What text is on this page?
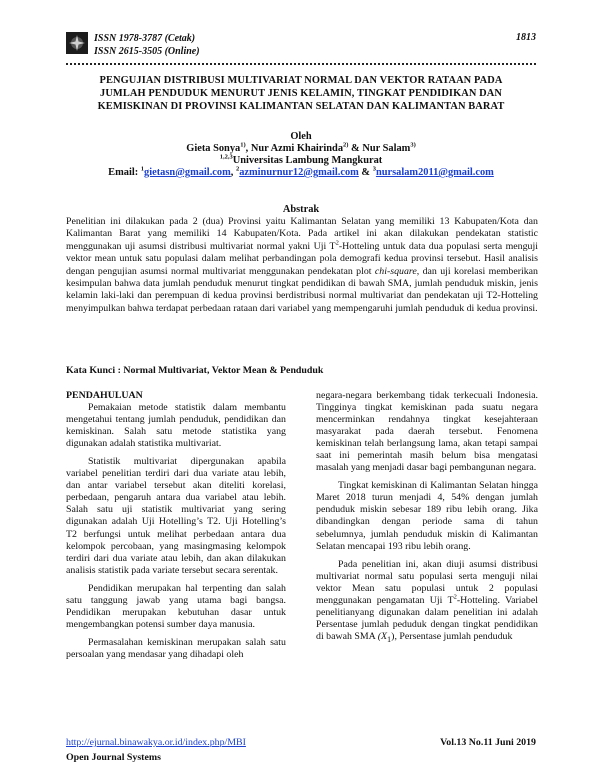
ISSN 1978-3787 (Cetak)
ISSN 2615-3505 (Online)
1813
PENGUJIAN DISTRIBUSI MULTIVARIAT NORMAL DAN VEKTOR RATAAN PADA
JUMLAH PENDUDUK MENURUT JENIS KELAMIN, TINGKAT PENDIDIKAN DAN
KEMISKINAN DI PROVINSI KALIMANTAN SELATAN DAN KALIMANTAN BARAT
Oleh
Gieta Sonya$^{1)}$, Nur Azmi Khairinda$^{2)}$ & Nur Salam$^{3)}$
$^{1,2,3}$Universitas Lambung Mangkurat
Email: $^1$gietasn@gmail.com, $^2$azminurnur12@gmail.com & $^3$nursalam2011@gmail.com
Abstrak
Penelitian ini dilakukan pada 2 (dua) Provinsi yaitu Kalimantan Selatan yang memiliki 13 Kabupaten/Kota dan Kalimantan Barat yang memiliki 14 Kabupaten/Kota. Pada artikel ini akan dilakukan pendekatan statistic menggunakan uji asumsi distribusi multivariat normal yakni Uji $T^2$-Hotteling untuk data dua populasi serta menguji vektor mean untuk satu populasi dalam melihat perbandingan pola demografi kedua provinsi tersebut. Hasil analisis dengan pengujian asumsi normal multivariat menggunakan pendekatan plot chi-square, dan uji korelasi memberikan kesimpulan bahwa data jumlah penduduk menurut tingkat pendidikan di bawah SMA, jumlah penduduk miskin, jenis kelamin laki-laki dan perempuan di kedua provinsi berdistribusi normal multivariat dan pendekatan uji T2-Hotteling menyimpulkan bahwa terdapat perbedaan rataan dari variabel yang mempengaruhi jumlah penduduk di kedua provinsi.
Kata Kunci : Normal Multivariat, Vektor Mean & Penduduk

PENDAHULUAN

Pemakaian metode statistik dalam membantu mengetahui tentang jumlah penduduk, pendidikan dan kemiskinan. Salah satu metode statistika yang digunakan adalah statistika multivariat.

Statistik multivariat dipergunakan apabila variabel penelitian terdiri dari dua variate atau lebih, dan antar variabel tersebut akan diteliti korelasi, perbedaan, pengaruh antara dua variabel atau lebih. Salah satu uji statistik multivariat yang sering digunakan adalah Uji Hotelling’s T2. Uji Hotelling’s T2 berfungsi untuk melihat perbedaan antara dua kelompok percobaan, yang masingmasing kelompok terdiri dari dua variate atau lebih, dan akan dilakukan analisis statistik pada variate tersebut secara serentak.

Pendidikan merupakan hal terpenting dan salah satu tanggung jawab yang utama bagi bangsa. Pendidikan merupakan kebutuhan dasar untuk mengembangkan potensi sumber daya manusia.

Permasalahan kemiskinan merupakan salah satu persoalan yang mendasar yang dihadapi oleh

negara-negara berkembang tidak terkecuali Indonesia. Tingginya tingkat kemiskinan pada suatu negara mencerminkan rendahnya tingkat kesejahteraan masyarakat pada daerah tersebut. Fenomena kemiskinan telah berlangsung lama, akan tetapi sampai saat ini pemerintah masih belum bisa mengatasi masalah yang menjadi dasar bagi pembangunan negara.

Tingkat kemiskinan di Kalimantan Selatan hingga Maret 2018 turun menjadi 4, 54% dengan jumlah penduduk miskin sebesar 189 ribu lebih orang. Jika dibandingkan dengan periode sama di tahun sebelumnya, jumlah penduduk miskin di Kalimantan Selatan mencapai 193 ribu lebih orang.

Pada penelitian ini, akan diuji asumsi distribusi multivariat normal satu populasi serta menguji nilai vektor Mean satu populasi untuk 2 populasi menggunakan pengamatan Uji $T^2$-Hotteling. Variabel penelitianyang digunakan dalam penelitian ini adalah Persentase jumlah peduduk dengan tingkat pendidikan di bawah SMA $(X_1)$, Persentase jumlah penduduk

http://ejurnal.binawakya.or.id/index.php/MBI	Vol.13 No.11 Juni 2019
Open Journal Systems
